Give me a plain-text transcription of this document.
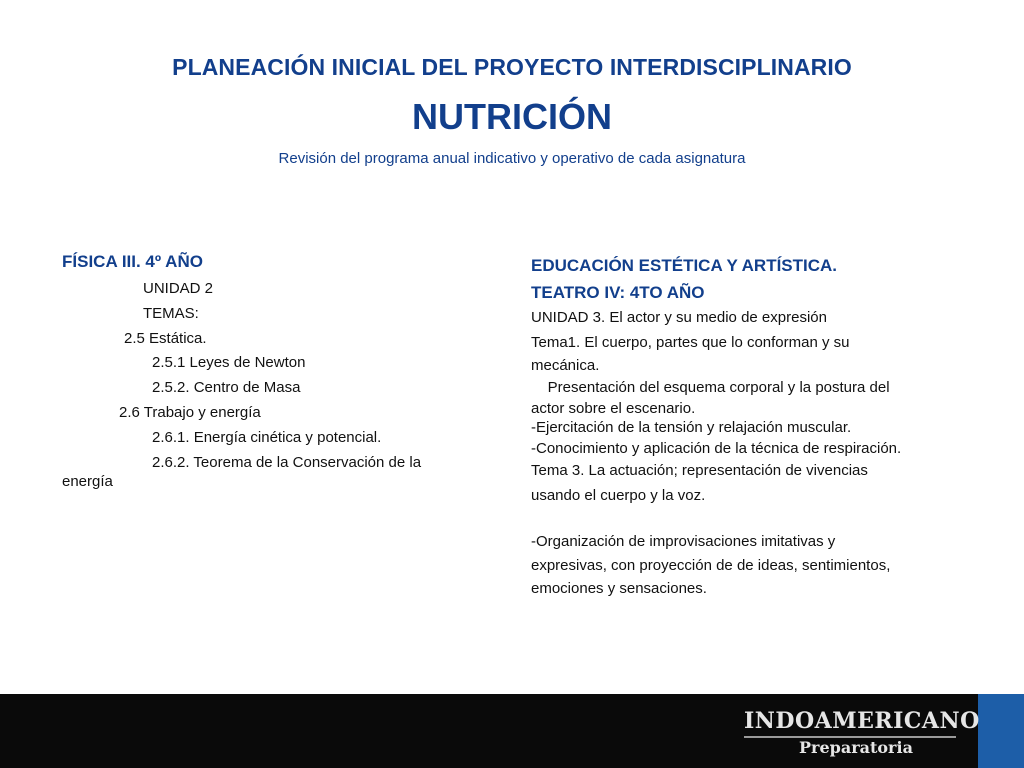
PLANEACIÓN INICIAL DEL PROYECTO INTERDISCIPLINARIO
NUTRICIÓN
Revisión del programa anual indicativo y operativo de cada asignatura
FÍSICA III. 4º AÑO
UNIDAD 2
TEMAS:
2.5 Estática.
2.5.1 Leyes de Newton
2.5.2. Centro de Masa
2.6 Trabajo y energía
2.6.1. Energía cinética y potencial.
2.6.2. Teorema de la Conservación de la
energía
EDUCACIÓN ESTÉTICA Y ARTÍSTICA.
TEATRO IV: 4TO AÑO
UNIDAD 3. El actor y su medio de expresión
Tema1. El cuerpo, partes que lo conforman y su
mecánica.
Presentación del esquema corporal y la postura del
actor sobre el escenario.
-Ejercitación de la tensión y relajación muscular.
-Conocimiento y aplicación de la técnica de respiración.
Tema 3. La actuación; representación de vivencias
usando el cuerpo y la voz.
-Organización de improvisaciones imitativas y
expresivas, con proyección de de ideas, sentimientos,
emociones y sensaciones.
INDOAMERICANO
Preparatoria
